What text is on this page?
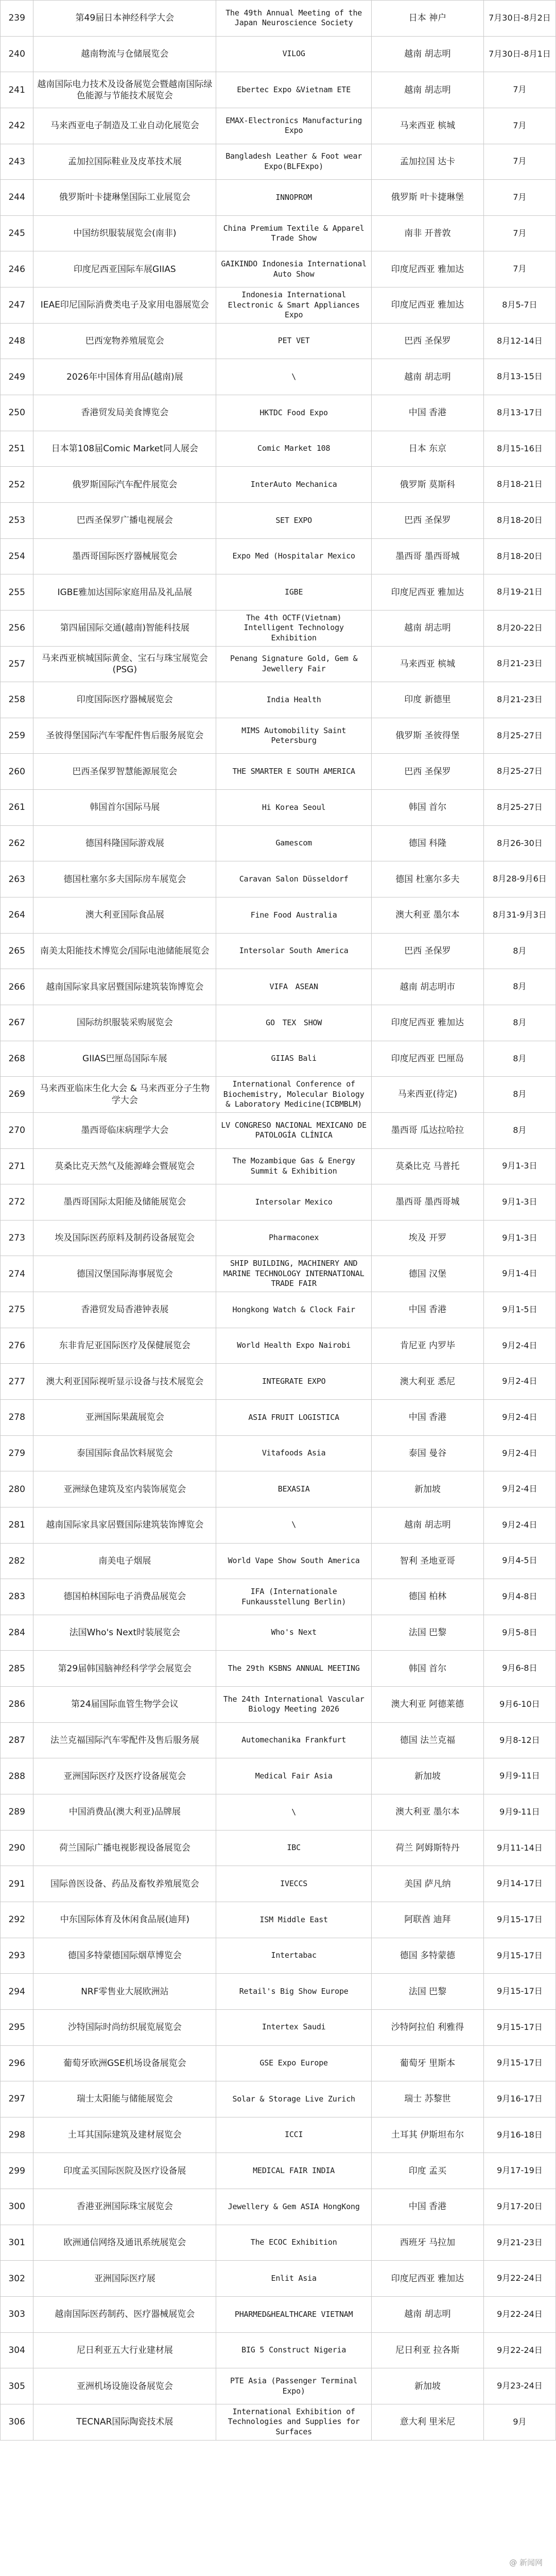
239	第49届日本神经科学大会	The 49th Annual Meeting of the Japan Neuroscience Society	日本 神户	7月30日-8月2日
240	越南物流与仓储展览会	VILOG	越南 胡志明	7月30日-8月1日
241	越南国际电力技术及设备展览会暨越南国际绿色能源与节能技术展览会	Ebertec Expo &Vietnam ETE	越南 胡志明	7月
242	马来西亚电子制造及工业自动化展览会	EMAX-Electronics Manufacturing Expo	马来西亚 槟城	7月
243	孟加拉国际鞋业及皮革技术展	Bangladesh Leather & Foot wear Expo(BLFExpo)	孟加拉国 达卡	7月
244	俄罗斯叶卡捷琳堡国际工业展览会	INNOPROM	俄罗斯 叶卡捷琳堡	7月
245	中国纺织服装展览会(南非)	China Premium Textile & Apparel Trade Show	南非 开普敦	7月
246	印度尼西亚国际车展GIIAS	GAIKINDO Indonesia International Auto Show	印度尼西亚 雅加达	7月
247	IEAE印尼国际消费类电子及家用电器展览会	Indonesia International Electronic & Smart Appliances Expo	印度尼西亚 雅加达	8月5-7日
248	巴西宠物养殖展览会	PET VET	巴西 圣保罗	8月12-14日
249	2026年中国体育用品(越南)展	\	越南 胡志明	8月13-15日
250	香港贸发局美食博览会	HKTDC Food Expo	中国 香港	8月13-17日
251	日本第108届Comic Market同人展会	Comic Market 108	日本 东京	8月15-16日
252	俄罗斯国际汽车配件展览会	InterAuto Mechanica	俄罗斯 莫斯科	8月18-21日
253	巴西圣保罗广播电视展会	SET EXPO	巴西 圣保罗	8月18-20日
254	墨西哥国际医疗器械展览会	Expo Med (Hospitalar Mexico	墨西哥 墨西哥城	8月18-20日
255	IGBE雅加达国际家庭用品及礼品展	IGBE	印度尼西亚 雅加达	8月19-21日
256	第四届国际交通(越南)智能科技展	The 4th OCTF(Vietnam) Intelligent Technology Exhibition	越南 胡志明	8月20-22日
257	马来西亚槟城国际黄金、宝石与珠宝展览会(PSG)	Penang Signature Gold, Gem & Jewellery Fair	马来西亚 槟城	8月21-23日
258	印度国际医疗器械展览会	India Health	印度 新德里	8月21-23日
259	圣彼得堡国际汽车零配件售后服务展览会	MIMS Automobility Saint Petersburg	俄罗斯 圣彼得堡	8月25-27日
260	巴西圣保罗智慧能源展览会	THE SMARTER E SOUTH AMERICA	巴西 圣保罗	8月25-27日
261	韩国首尔国际马展	Hi Korea Seoul	韩国 首尔	8月25-27日
262	德国科隆国际游戏展	Gamescom	德国 科隆	8月26-30日
263	德国杜塞尔多夫国际房车展览会	Caravan Salon Düsseldorf	德国 杜塞尔多夫	8月28-9月6日
264	澳大利亚国际食品展	Fine Food Australia	澳大利亚 墨尔本	8月31-9月3日
265	南美太阳能技术博览会/国际电池储能展览会	Intersolar South America	巴西 圣保罗	8月
266	越南国际家具家居暨国际建筑装饰博览会	VIFA　ASEAN	越南 胡志明市	8月
267	国际纺织服装采购展览会	GO　TEX　SHOW	印度尼西亚 雅加达	8月
268	GIIAS巴厘岛国际车展	GIIAS Bali	印度尼西亚 巴厘岛	8月
269	马来西亚临床生化大会 & 马来西亚分子生物学大会	International Conference of Biochemistry, Molecular Biology & Laboratory Medicine(ICBMBLM)	马来西亚(待定)	8月
270	墨西哥临床病理学大会	LV CONGRESO NACIONAL MEXICANO DE PATOLOGÍA CLÍNICA	墨西哥 瓜达拉哈拉	8月
271	莫桑比克天然气及能源峰会暨展览会	The Mozambique Gas & Energy Summit & Exhibition	莫桑比克 马普托	9月1-3日
272	墨西哥国际太阳能及储能展览会	Intersolar Mexico	墨西哥 墨西哥城	9月1-3日
273	埃及国际医药原料及制药设备展览会	Pharmaconex	埃及 开罗	9月1-3日
274	德国汉堡国际海事展览会	SHIP BUILDING, MACHINERY AND MARINE TECHNOLOGY INTERNATIONAL TRADE FAIR	德国 汉堡	9月1-4日
275	香港贸发局香港钟表展	Hongkong Watch & Clock Fair	中国 香港	9月1-5日
276	东非肯尼亚国际医疗及保健展览会	World Health Expo Nairobi	肯尼亚 内罗毕	9月2-4日
277	澳大利亚国际视听显示设备与技术展览会	INTEGRATE EXPO	澳大利亚 悉尼	9月2-4日
278	亚洲国际果蔬展览会	ASIA FRUIT LOGISTICA	中国 香港	9月2-4日
279	泰国国际食品饮料展览会	Vitafoods Asia	泰国 曼谷	9月2-4日
280	亚洲绿色建筑及室内装饰展览会	BEXASIA	新加坡	9月2-4日
281	越南国际家具家居暨国际建筑装饰博览会	\	越南 胡志明	9月2-4日
282	南美电子烟展	World Vape Show South America	智利 圣地亚哥	9月4-5日
283	德国柏林国际电子消费品展览会	IFA (Internationale Funkausstellung Berlin)	德国 柏林	9月4-8日
284	法国Who's Next时装展览会	Who's Next	法国 巴黎	9月5-8日
285	第29届韩国脑神经科学学会展览会	The 29th KSBNS ANNUAL MEETING	韩国 首尔	9月6-8日
286	第24届国际血管生物学会议	The 24th International Vascular Biology Meeting 2026	澳大利亚 阿德莱德	9月6-10日
287	法兰克福国际汽车零配件及售后服务展	Automechanika Frankfurt	德国 法兰克福	9月8-12日
288	亚洲国际医疗及医疗设备展览会	Medical Fair Asia	新加坡	9月9-11日
289	中国消费品(澳大利亚)品牌展	\	澳大利亚 墨尔本	9月9-11日
290	荷兰国际广播电视影视设备展览会	IBC	荷兰 阿姆斯特丹	9月11-14日
291	国际兽医设备、药品及畜牧养殖展览会	IVECCS	美国 萨凡纳	9月14-17日
292	中东国际体育及休闲食品展(迪拜)	ISM Middle East	阿联酋 迪拜	9月15-17日
293	德国多特蒙德国际烟草博览会	Intertabac	德国 多特蒙德	9月15-17日
294	NRF零售业大展欧洲站	Retail's Big Show Europe	法国 巴黎	9月15-17日
295	沙特国际时尚纺织展览展览会	Intertex Saudi	沙特阿拉伯 利雅得	9月15-17日
296	葡萄牙欧洲GSE机场设备展览会	GSE Expo Europe	葡萄牙 里斯本	9月15-17日
297	瑞士太阳能与储能展览会	Solar & Storage Live Zurich	瑞士 苏黎世	9月16-17日
298	土耳其国际建筑及建材展览会	ICCI	土耳其 伊斯坦布尔	9月16-18日
299	印度孟买国际医院及医疗设备展	MEDICAL FAIR INDIA	印度 孟买	9月17-19日
300	香港亚洲国际珠宝展览会	Jewellery & Gem ASIA HongKong	中国 香港	9月17-20日
301	欧洲通信网络及通讯系统展览会	The ECOC Exhibition	西班牙 马拉加	9月21-23日
302	亚洲国际医疗展	Enlit Asia	印度尼西亚 雅加达	9月22-24日
303	越南国际医药制药、医疗器械展览会	PHARMED&HEALTHCARE VIETNAM	越南 胡志明	9月22-24日
304	尼日利亚五大行业建材展	BIG 5 Construct Nigeria	尼日利亚 拉各斯	9月22-24日
305	亚洲机场设施设备展览会	PTE Asia (Passenger Terminal Expo)	新加坡	9月23-24日
306	TECNAR国际陶瓷技术展	International Exhibition of Technologies and Supplies for Surfaces	意大利 里米尼	9月
@ 新闻网
